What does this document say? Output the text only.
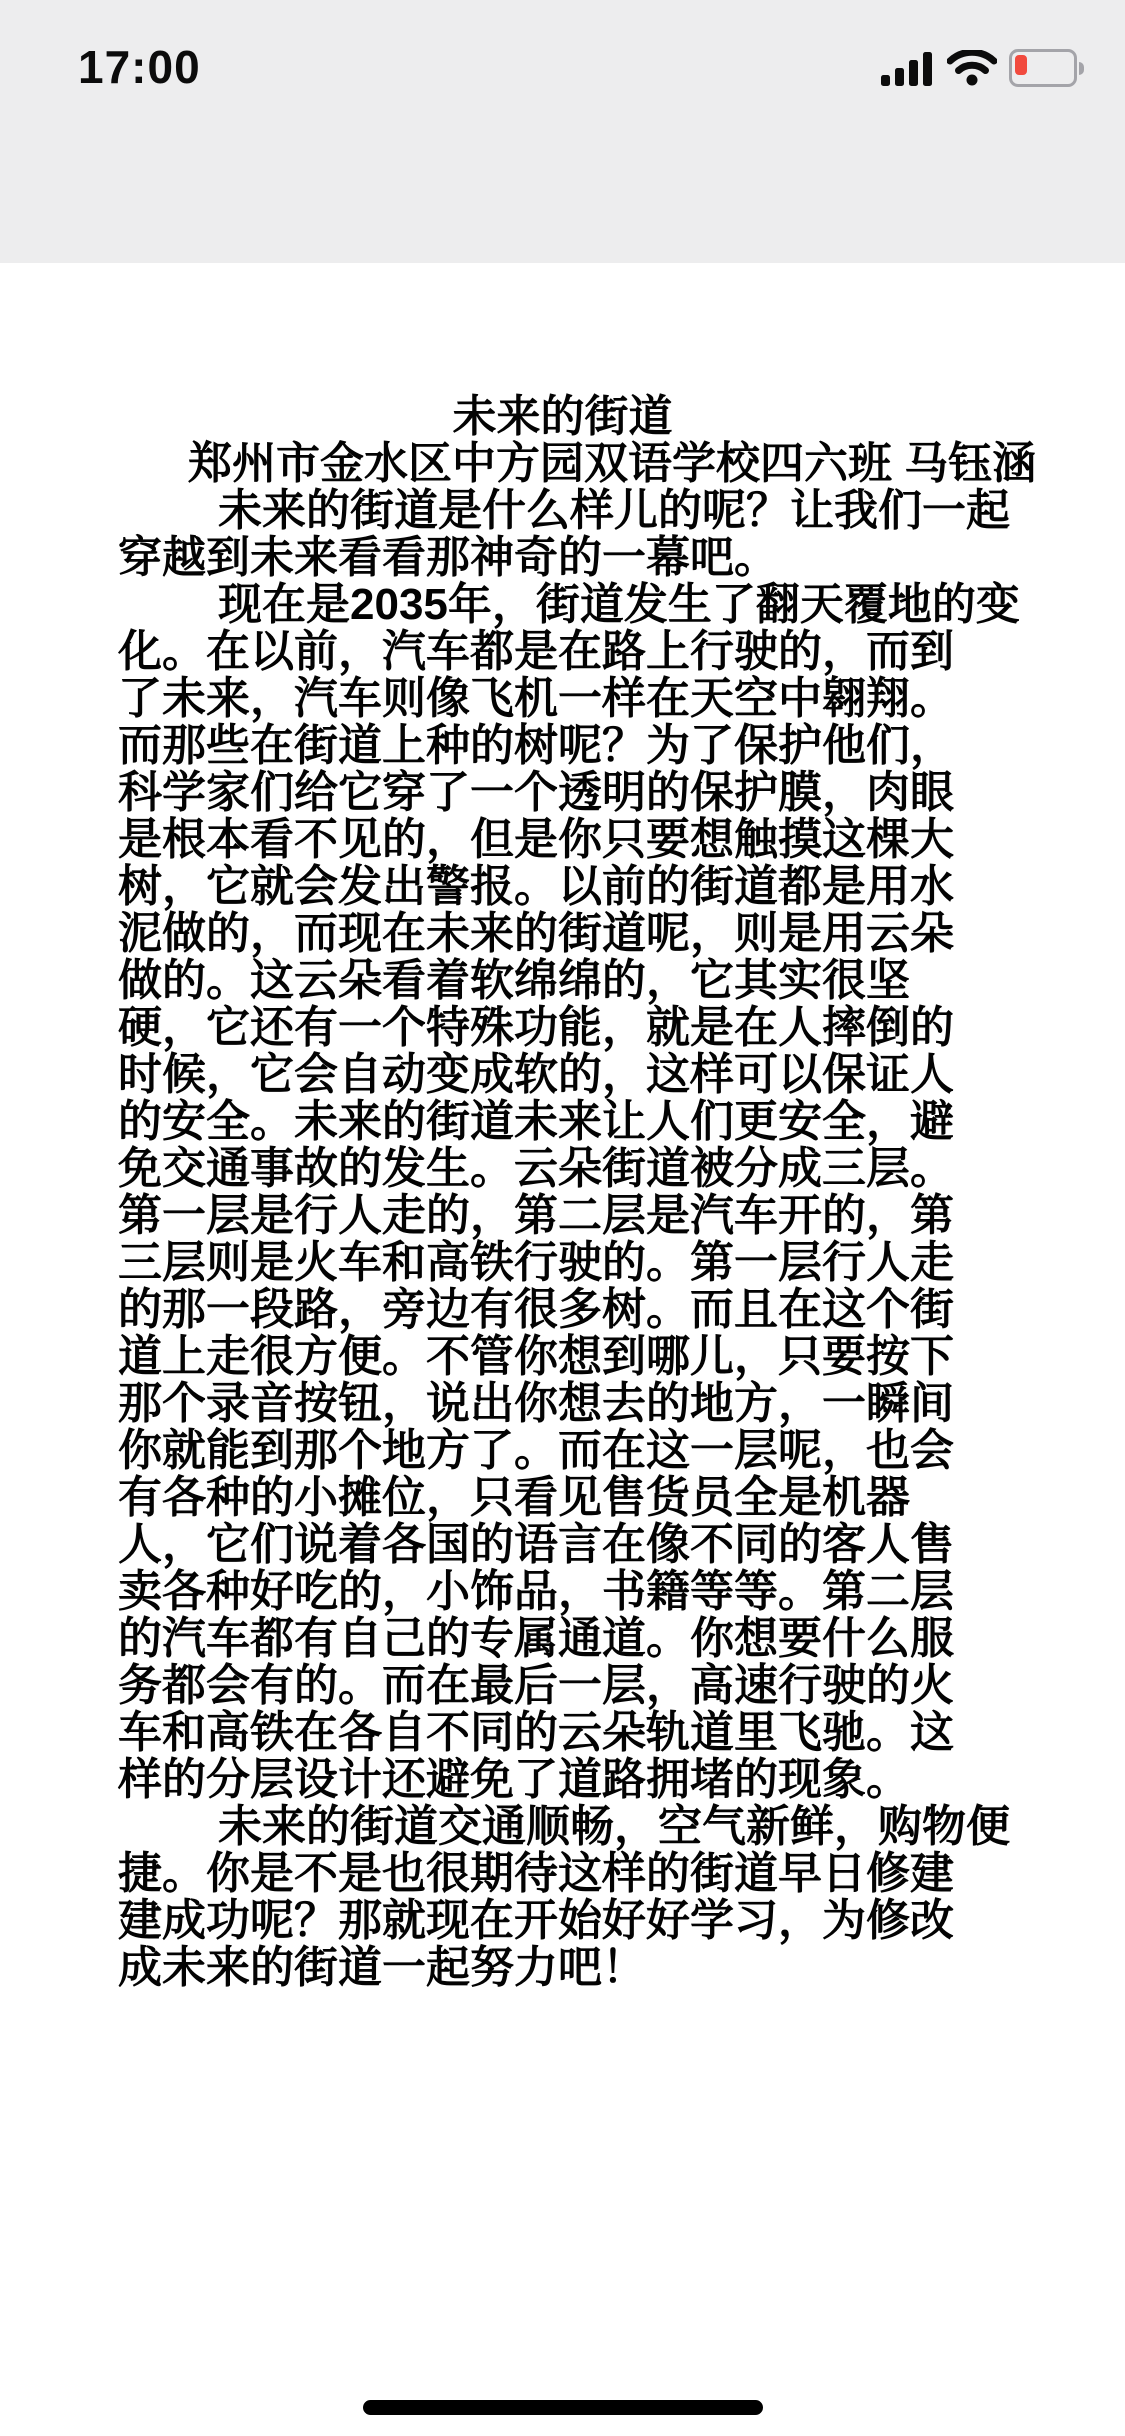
17:00
未来的街道
郑州市金水区中方园双语学校四六班 马钰涵
未来的街道是什么样儿的呢？让我们一起
穿越到未来看看那神奇的一幕吧。
现在是2035年，街道发生了翻天覆地的变
化。在以前，汽车都是在路上行驶的，而到
了未来，汽车则像飞机一样在天空中翱翔。
而那些在街道上种的树呢？为了保护他们，
科学家们给它穿了一个透明的保护膜，肉眼
是根本看不见的，但是你只要想触摸这棵大
树，它就会发出警报。以前的街道都是用水
泥做的，而现在未来的街道呢，则是用云朵
做的。这云朵看着软绵绵的，它其实很坚
硬，它还有一个特殊功能，就是在人摔倒的
时候，它会自动变成软的，这样可以保证人
的安全。未来的街道未来让人们更安全，避
免交通事故的发生。云朵街道被分成三层。
第一层是行人走的，第二层是汽车开的，第
三层则是火车和高铁行驶的。第一层行人走
的那一段路，旁边有很多树。而且在这个街
道上走很方便。不管你想到哪儿，只要按下
那个录音按钮，说出你想去的地方，一瞬间
你就能到那个地方了。而在这一层呢，也会
有各种的小摊位，只看见售货员全是机器
人，它们说着各国的语言在像不同的客人售
卖各种好吃的，小饰品，书籍等等。第二层
的汽车都有自己的专属通道。你想要什么服
务都会有的。而在最后一层，高速行驶的火
车和高铁在各自不同的云朵轨道里飞驰。这
样的分层设计还避免了道路拥堵的现象。
未来的街道交通顺畅，空气新鲜，购物便
捷。你是不是也很期待这样的街道早日修建
建成功呢？那就现在开始好好学习，为修改
成未来的街道一起努力吧！
